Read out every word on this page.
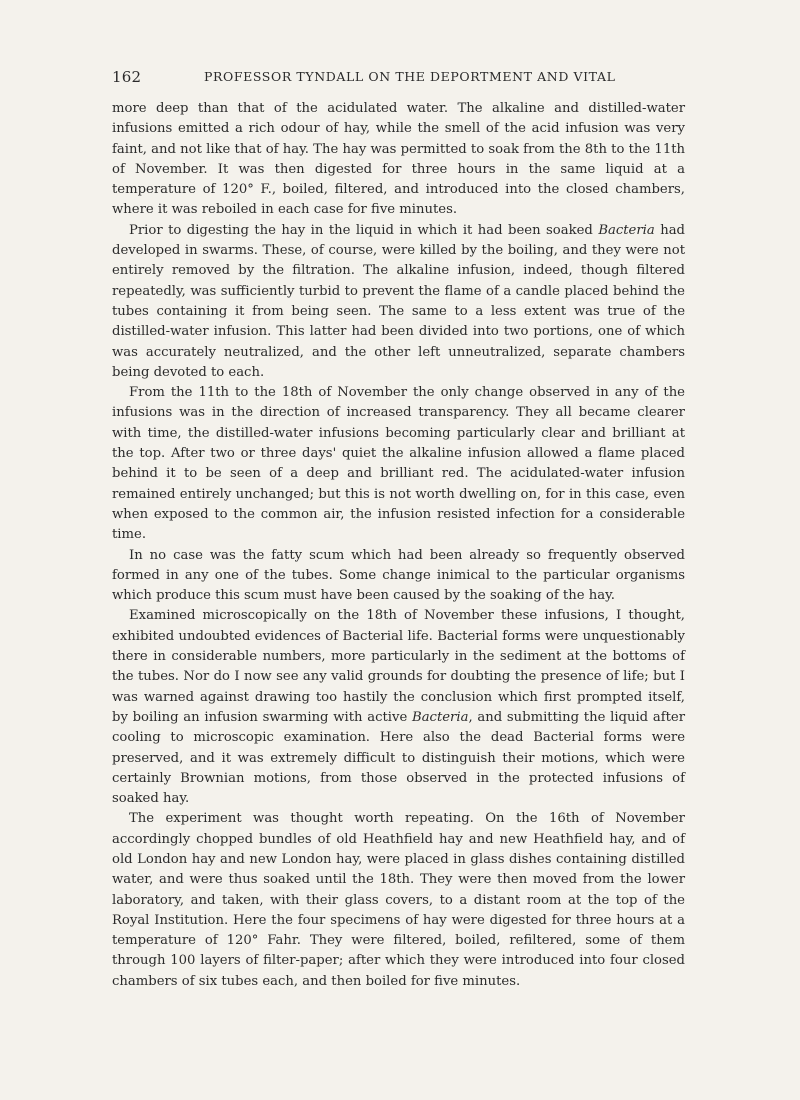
162	PROFESSOR TYNDALL ON THE DEPORTMENT AND VITAL

more deep than that of the acidulated water. The alkaline and distilled-water infusions emitted a rich odour of hay, while the smell of the acid infusion was very faint, and not like that of hay. The hay was permitted to soak from the 8th to the 11th of November. It was then digested for three hours in the same liquid at a temperature of 120° F., boiled, filtered, and introduced into the closed chambers, where it was reboiled in each case for five minutes.

Prior to digesting the hay in the liquid in which it had been soaked Bacteria had developed in swarms. These, of course, were killed by the boiling, and they were not entirely removed by the filtration. The alkaline infusion, indeed, though filtered repeatedly, was sufficiently turbid to prevent the flame of a candle placed behind the tubes containing it from being seen. The same to a less extent was true of the distilled-water infusion. This latter had been divided into two portions, one of which was accurately neutralized, and the other left unneutralized, separate chambers being devoted to each.

From the 11th to the 18th of November the only change observed in any of the infusions was in the direction of increased transparency. They all became clearer with time, the distilled-water infusions becoming particularly clear and brilliant at the top. After two or three days' quiet the alkaline infusion allowed a flame placed behind it to be seen of a deep and brilliant red. The acidulated-water infusion remained entirely unchanged; but this is not worth dwelling on, for in this case, even when exposed to the common air, the infusion resisted infection for a considerable time.

In no case was the fatty scum which had been already so frequently observed formed in any one of the tubes. Some change inimical to the particular organisms which produce this scum must have been caused by the soaking of the hay.

Examined microscopically on the 18th of November these infusions, I thought, exhibited undoubted evidences of Bacterial life. Bacterial forms were unquestionably there in considerable numbers, more particularly in the sediment at the bottoms of the tubes. Nor do I now see any valid grounds for doubting the presence of life; but I was warned against drawing too hastily the conclusion which first prompted itself, by boiling an infusion swarming with active Bacteria, and submitting the liquid after cooling to microscopic examination. Here also the dead Bacterial forms were preserved, and it was extremely difficult to distinguish their motions, which were certainly Brownian motions, from those observed in the protected infusions of soaked hay.

The experiment was thought worth repeating. On the 16th of November accordingly chopped bundles of old Heathfield hay and new Heathfield hay, and of old London hay and new London hay, were placed in glass dishes containing distilled water, and were thus soaked until the 18th. They were then moved from the lower laboratory, and taken, with their glass covers, to a distant room at the top of the Royal Institution. Here the four specimens of hay were digested for three hours at a temperature of 120° Fahr. They were filtered, boiled, refiltered, some of them through 100 layers of filter-paper; after which they were introduced into four closed chambers of six tubes each, and then boiled for five minutes.
